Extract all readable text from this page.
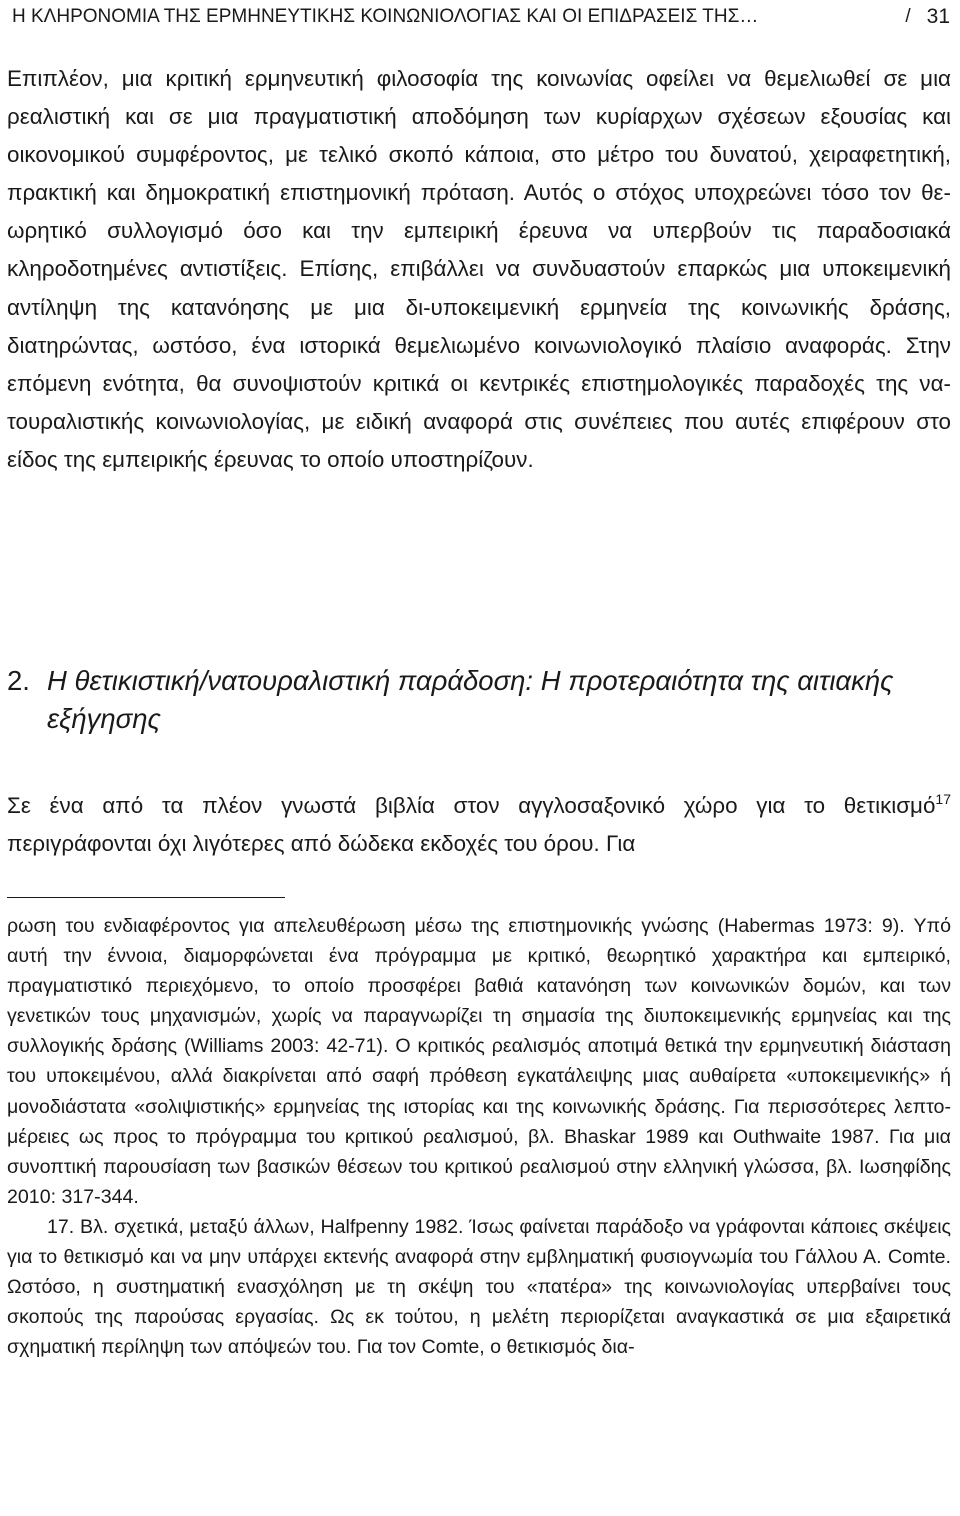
Η ΚΛΗΡΟΝΟΜΙΑ ΤΗΣ ΕΡΜΗΝΕΥΤΙΚΗΣ ΚΟΙΝΩΝΙΟΛΟΓΙΑΣ ΚΑΙ ΟΙ ΕΠΙΔΡΑΣΕΙΣ ΤΗΣ…	/ 31

Επιπλέον, μια κριτική ερμηνευτική φιλοσοφία της κοινωνίας οφείλει να θεμελιωθεί σε μια ρεαλιστική και σε μια πραγματιστική αποδόμηση των κυρίαρχων σχέσεων εξουσίας και οικονομικού συμφέροντος, με τελικό σκοπό κάποια, στο μέτρο του δυνατού, χειραφετητική, πρακτική και δημοκρατική επιστημονική πρόταση. Αυτός ο στόχος υποχρεώνει τόσο τον θεωρητικό συλλογισμό όσο και την εμπειρική έρευνα να υπερβούν τις παραδοσιακά κληροδοτημένες αντιστίξεις. Επίσης, επιβάλλει να συνδυαστούν επαρκώς μια υποκειμενική αντίληψη της κατανόησης με μια δι-υποκειμενική ερμηνεία της κοινωνικής δράσης, διατηρώντας, ωστόσο, ένα ιστορικά θεμελιωμένο κοινωνιολογικό πλαίσιο αναφοράς. Στην επόμενη ενότητα, θα συνοψιστούν κριτικά οι κεντρικές επιστημολογικές παραδοχές της νατουραλιστικής κοινωνιολογίας, με ειδική αναφορά στις συνέπειες που αυτές επιφέρουν στο είδος της εμπειρικής έρευνας το οποίο υποστηρίζουν.

2. Η θετικιστική/νατουραλιστική παράδοση: Η προτεραιότητα της αιτιακής εξήγησης

Σε ένα από τα πλέον γνωστά βιβλία στον αγγλοσαξονικό χώρο για το θετικισμό$^{17}$ περιγράφονται όχι λιγότερες από δώδεκα εκδοχές του όρου. Για

ρωση του ενδιαφέροντος για απελευθέρωση μέσω της επιστημονικής γνώσης (Habermas 1973: 9). Υπό αυτή την έννοια, διαμορφώνεται ένα πρόγραμμα με κριτικό, θεωρητικό χαρακτήρα και εμπειρικό, πραγματιστικό περιεχόμενο, το οποίο προσφέρει βαθιά κατανόηση των κοινωνικών δομών, και των γενετικών τους μηχανισμών, χωρίς να παραγνωρίζει τη σημασία της διυποκειμενικής ερμηνείας και της συλλογικής δράσης (Williams 2003: 42-71). Ο κριτικός ρεαλισμός αποτιμά θετικά την ερμηνευτική διάσταση του υποκειμένου, αλλά διακρίνεται από σαφή πρόθεση εγκατάλειψης μιας αυθαίρετα «υποκειμενικής» ή μονοδιάστατα «σολιψιστικής» ερμηνείας της ιστορίας και της κοινωνικής δράσης. Για περισσότερες λεπτομέρειες ως προς το πρόγραμμα του κριτικού ρεαλισμού, βλ. Bhaskar 1989 και Outhwaite 1987. Για μια συνοπτική παρουσίαση των βασικών θέσεων του κριτικού ρεαλισμού στην ελληνική γλώσσα, βλ. Ιωσηφίδης 2010: 317-344.

17. Βλ. σχετικά, μεταξύ άλλων, Halfpenny 1982. Ίσως φαίνεται παράδοξο να γράφονται κάποιες σκέψεις για το θετικισμό και να μην υπάρχει εκτενής αναφορά στην εμβληματική φυσιογνωμία του Γάλλου Α. Comte. Ωστόσο, η συστηματική ενασχόληση με τη σκέψη του «πατέρα» της κοινωνιολογίας υπερβαίνει τους σκοπούς της παρούσας εργασίας. Ως εκ τούτου, η μελέτη περιορίζεται αναγκαστικά σε μια εξαιρετικά σχηματική περίληψη των απόψεών του. Για τον Comte, ο θετικισμός δια-
